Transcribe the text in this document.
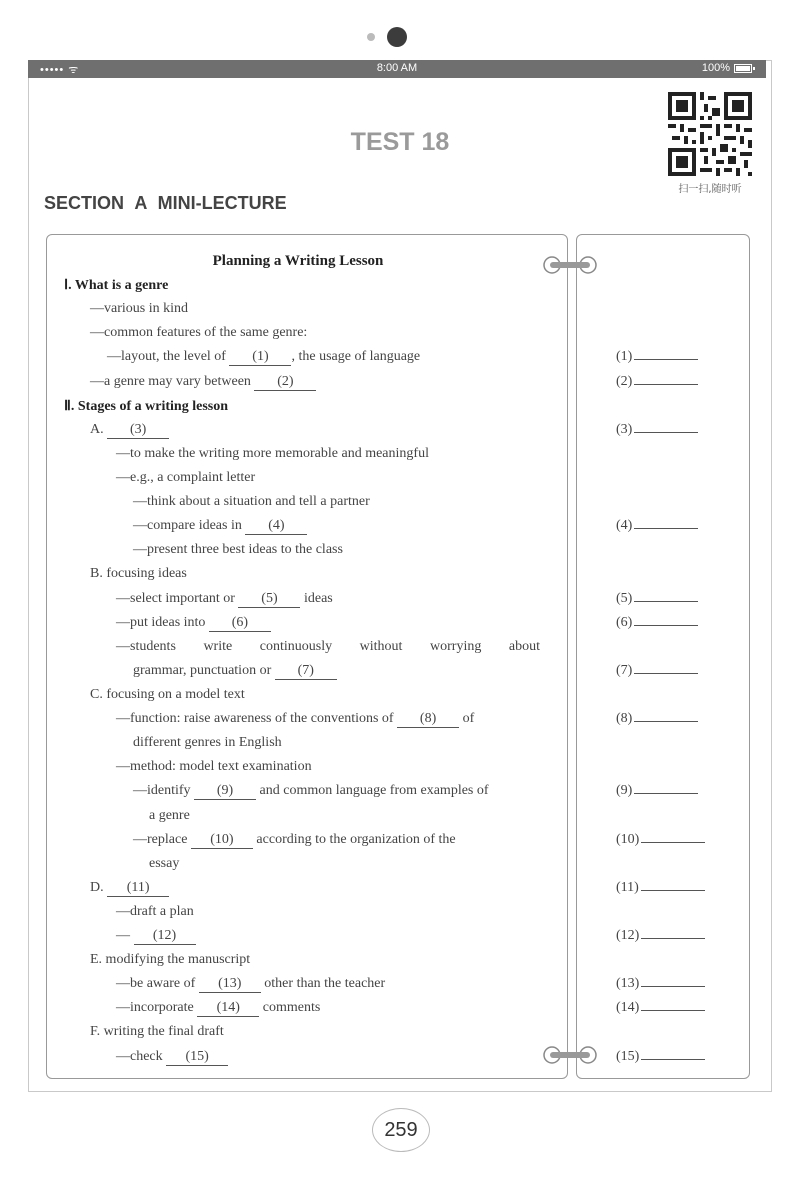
••••• ᯤ	8:00 AM	100%
TEST 18
扫一扫,随时听
SECTION A MINI-LECTURE
Planning a Writing Lesson
Ⅰ. What is a genre
—various in kind
—common features of the same genre:
—layout, the level of (1) , the usage of language
—a genre may vary between (2)
Ⅱ. Stages of a writing lesson
A. (3)
—to make the writing more memorable and meaningful
—e.g., a complaint letter
—think about a situation and tell a partner
—compare ideas in (4)
—present three best ideas to the class
B. focusing ideas
—select important or (5) ideas
—put ideas into (6)
—students write continuously without worrying about
grammar, punctuation or (7)
C. focusing on a model text
—function: raise awareness of the conventions of (8) of
different genres in English
—method: model text examination
—identify (9) and common language from examples of
a genre
—replace (10) according to the organization of the
essay
D. (11)
—draft a plan
— (12)
E. modifying the manuscript
—be aware of (13) other than the teacher
—incorporate (14) comments
F. writing the final draft
—check (15)
(1)
(2)
(3)
(4)
(5)
(6)
(7)
(8)
(9)
(10)
(11)
(12)
(13)
(14)
(15)
259
